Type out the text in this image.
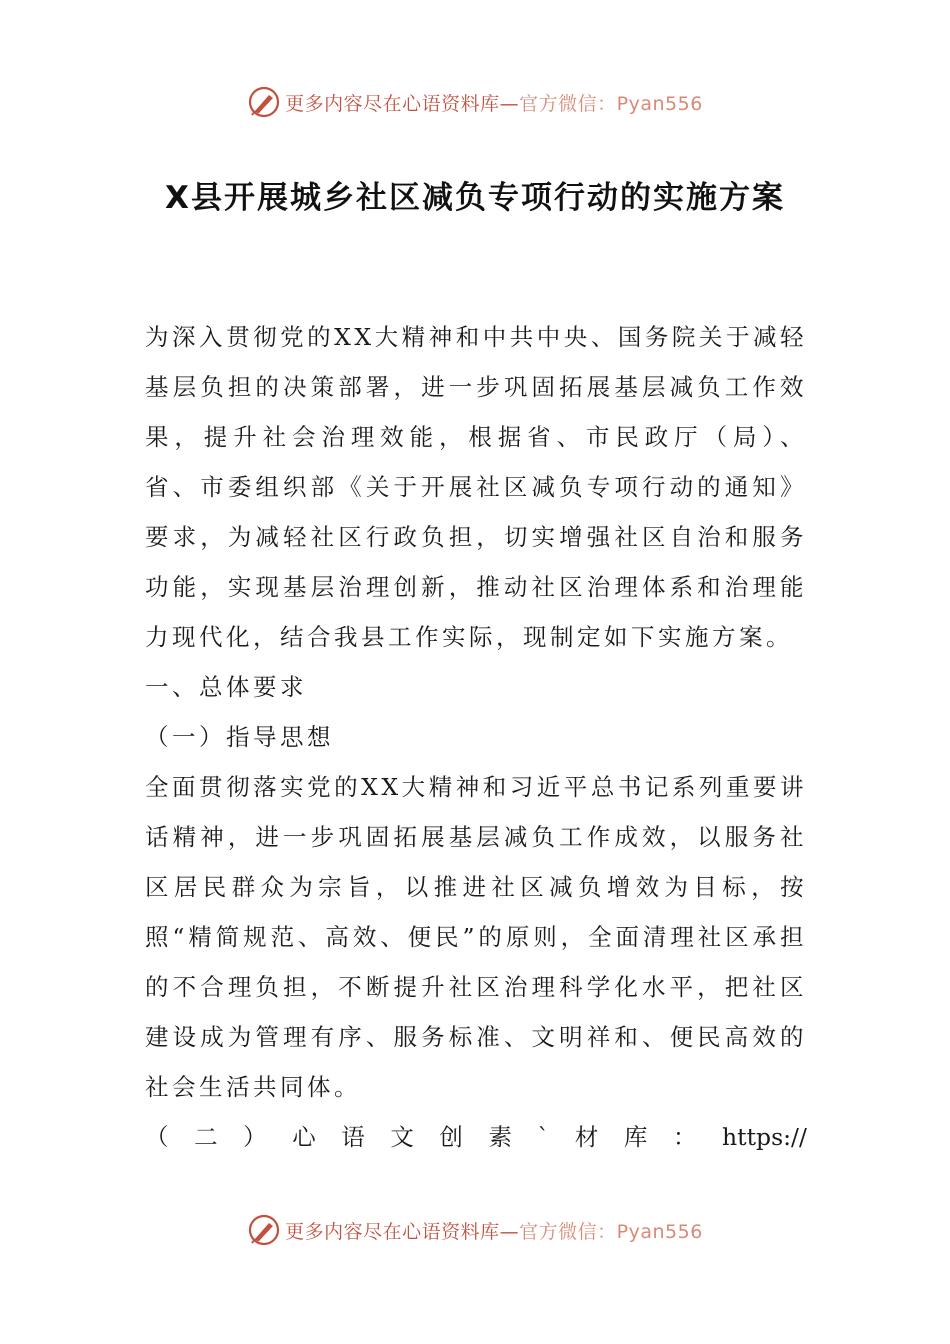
更多内容尽在心语资料库—官方微信：Pyan556
X县开展城乡社区减负专项行动的实施方案

为深入贯彻党的XX大精神和中共中央、国务院关于减轻基层负担的决策部署，进一步巩固拓展基层减负工作效果，提升社会治理效能，根据省、市民政厅（局）、省、市委组织部《关于开展社区减负专项行动的通知》要求，为减轻社区行政负担，切实增强社区自治和服务功能，实现基层治理创新，推动社区治理体系和治理能力现代化，结合我县工作实际，现制定如下实施方案。

一、总体要求

（一）指导思想

全面贯彻落实党的XX大精神和习近平总书记系列重要讲话精神，进一步巩固拓展基层减负工作成效，以服务社区居民群众为宗旨，以推进社区减负增效为目标，按照“精简规范、高效、便民”的原则，全面清理社区承担的不合理负担，不断提升社区治理科学化水平，把社区建设成为管理有序、服务标准、文明祥和、便民高效的社会生活共同体。

（ 二 ） 心 语 文 创 素 ` 材 库 ： https://
更多内容尽在心语资料库—官方微信：Pyan556
